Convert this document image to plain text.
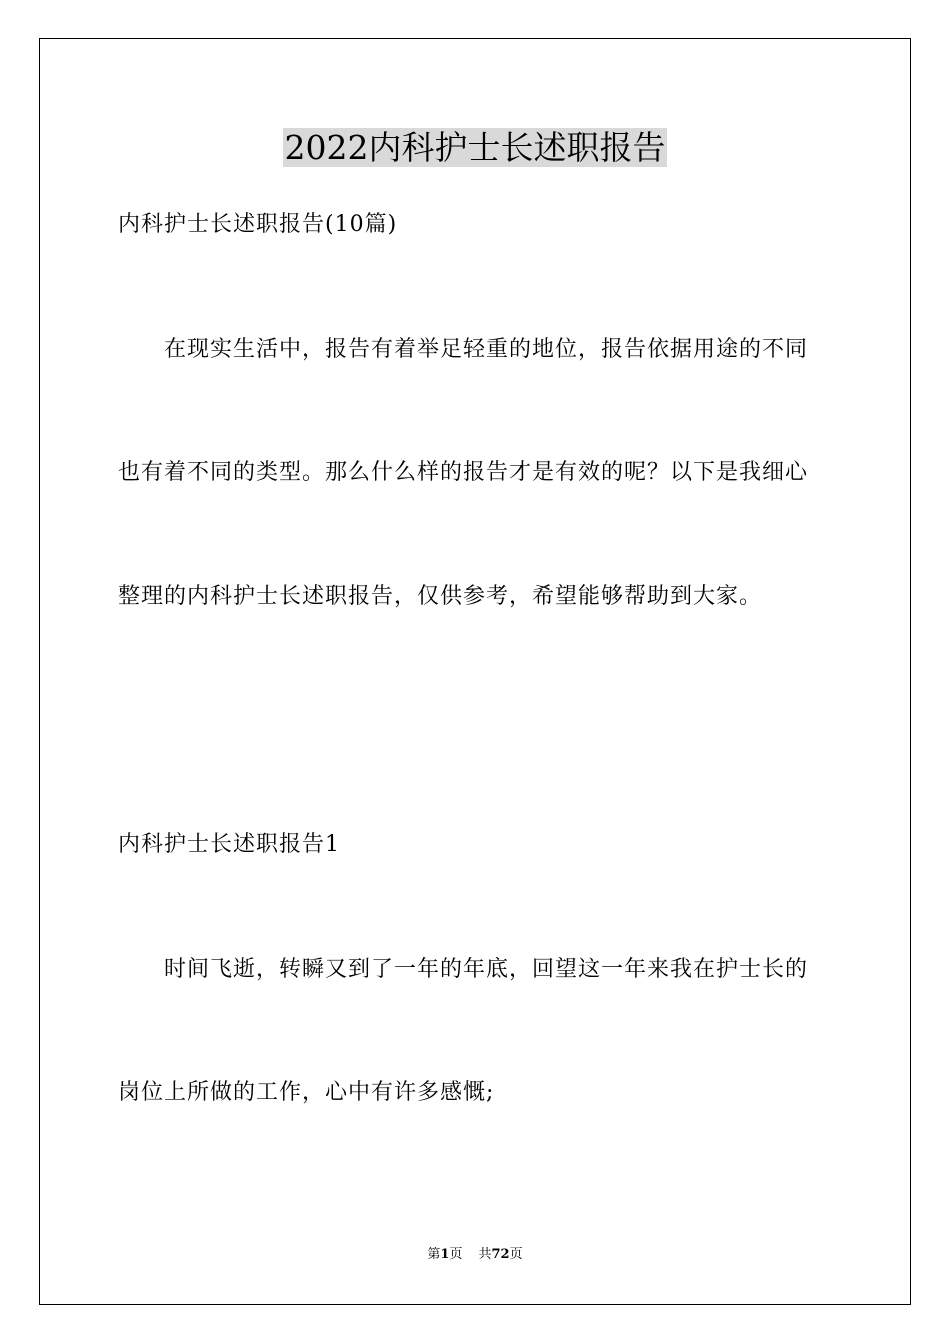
2022内科护士长述职报告

内科护士长述职报告(10篇)

在现实生活中，报告有着举足轻重的地位，报告依据用途的不同

也有着不同的类型。那么什么样的报告才是有效的呢？以下是我细心

整理的内科护士长述职报告，仅供参考，希望能够帮助到大家。

内科护士长述职报告1

时间飞逝，转瞬又到了一年的年底，回望这一年来我在护士长的

岗位上所做的工作，心中有许多感慨;

第1页 共72页
